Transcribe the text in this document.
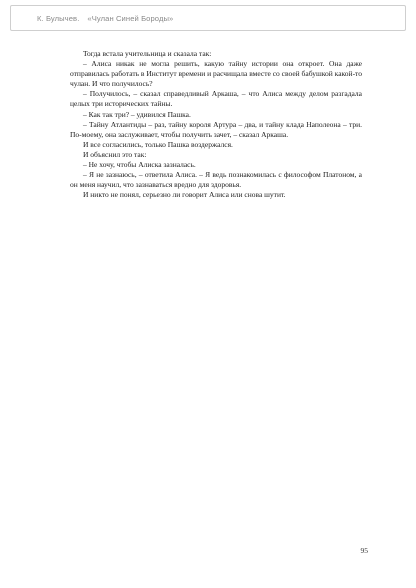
К. Булычев. «Чулан Синей Бороды»

Тогда встала учительница и сказала так:

– Алиса никак не могла решить, какую тайну истории она откроет. Она даже отправилась работать в Институт времени и расчищала вместе со своей бабушкой какой-то чулан. И что получилось?

– Получилось, – сказал справедливый Аркаша, – что Алиса между делом разгадала целых три исторических тайны.

– Как так три? – удивился Пашка.

– Тайну Атлантиды – раз, тайну короля Артура – два, и тайну клада Наполеона – три. По-моему, она заслуживает, чтобы получить зачет, – сказал Аркаша.

И все согласились, только Пашка воздержался.

И объяснил это так:

– Не хочу, чтобы Алиска зазналась.

– Я не зазнаюсь, – ответила Алиса. – Я ведь познакомилась с философом Платоном, а он меня научил, что зазнаваться вредно для здоровья.

И никто не понял, серьезно ли говорит Алиса или снова шутит.

95
